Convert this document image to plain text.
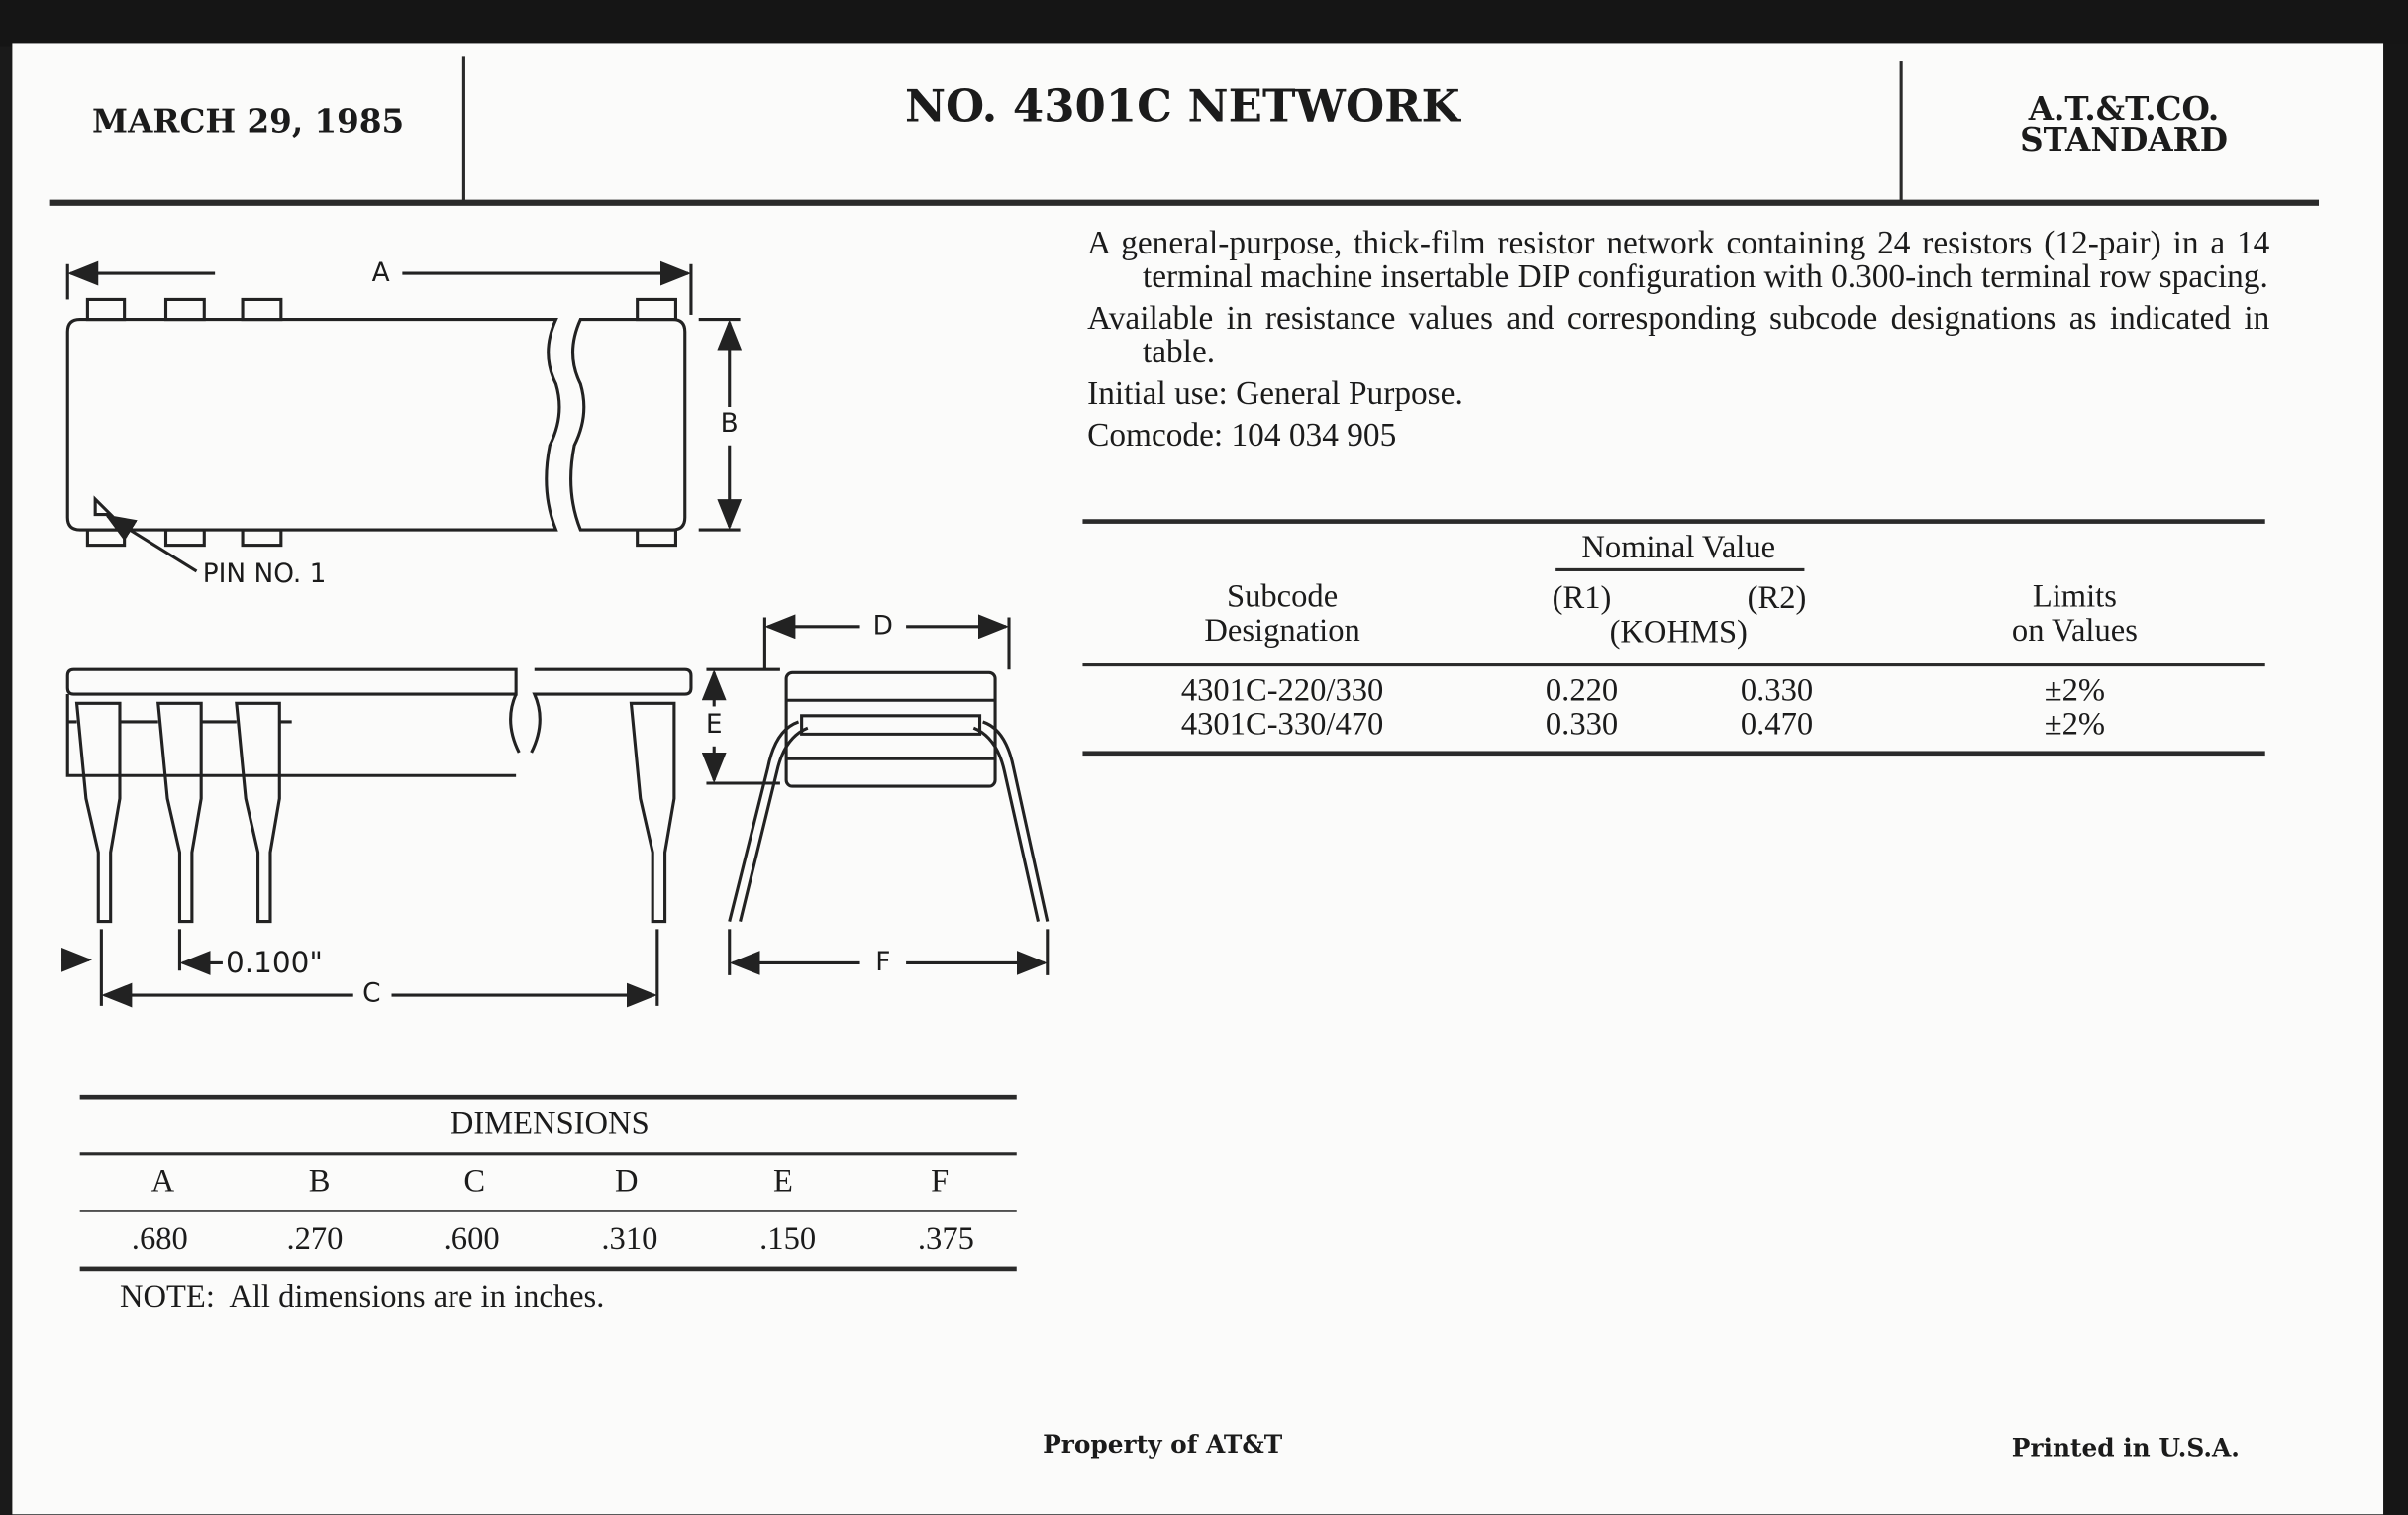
MARCH 29, 1985	NO. 4301C NETWORK	A.T.&T.CO.
STANDARD

A general-purpose, thick-film resistor network containing 24 resistors (12-pair) in a 14 terminal machine insertable DIP configuration with 0.300-inch terminal row spacing.

Available in resistance values and corresponding subcode designations as indicated in table.

Initial use: General Purpose.

Comcode: 104 034 905

Nominal Value
Subcode
Designation
(R1)	(R2)
(KOHMS)
Limits
on Values
4301C-220/330	0.220	0.330	±2%
4301C-330/470	0.330	0.470	±2%
A
B
PIN NO. 1
0.100"
C
D
E
F
DIMENSIONS
A	B	C	D	E	F
.680	.270	.600	.310	.150	.375
NOTE:  All dimensions are in inches.
Property of AT&T	Printed in U.S.A.
